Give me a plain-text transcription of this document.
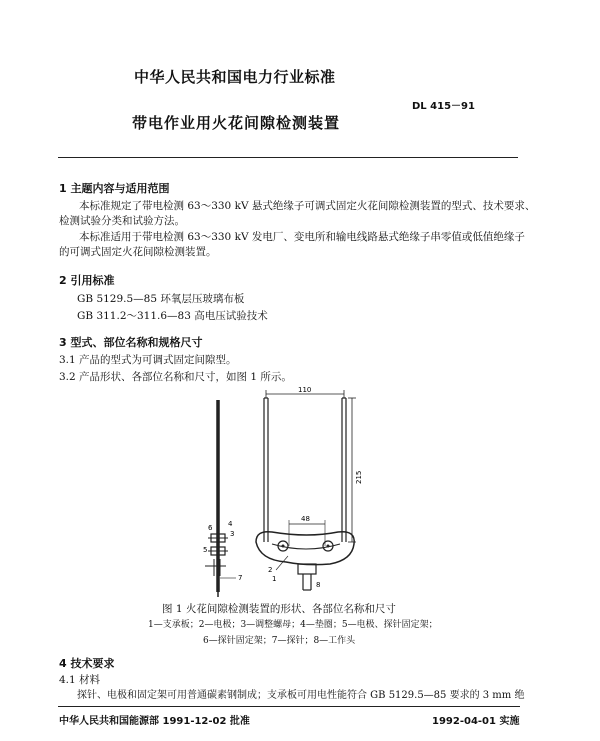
中华人民共和国电力行业标准
DL 415－91
带电作业用火花间隙检测装置
1 主题内容与适用范围
本标准规定了带电检测 63～330 kV 悬式绝缘子可调式固定火花间隙检测装置的型式、技术要求、
检测试验分类和试验方法。
本标准适用于带电检测 63～330 kV 发电厂、变电所和输电线路悬式绝缘子串零值或低值绝缘子
的可调式固定火花间隙检测装置。
2 引用标准
GB 5129.5—85 环氧层压玻璃布板
GB 311.2～311.6—83 高电压试验技术
3 型式、部位名称和规格尺寸
3.1 产品的型式为可调式固定间隙型。
3.2 产品形状、各部位名称和尺寸，如图 1 所示。
110
215
48
6 4
3
5
7
2
1
8
图 1 火花间隙检测装置的形状、各部位名称和尺寸
1—支承板；2—电极；3—调整螺母；4—垫圈；5—电极、探针固定架；
6—探针固定架；7—探针；8—工作头
4 技术要求
4.1 材料
探针、电极和固定架可用普通碳素钢制成；支承板可用电性能符合 GB 5129.5—85 要求的 3 mm 绝
中华人民共和国能源部 1991-12-02 批准	1992-04-01 实施
